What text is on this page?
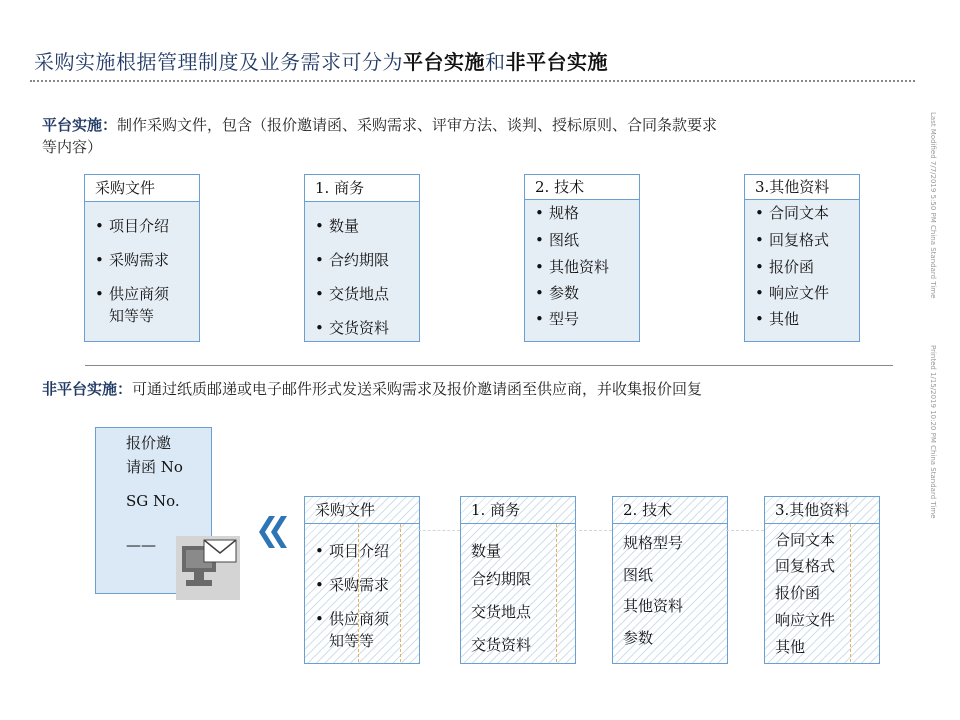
采购实施根据管理制度及业务需求可分为平台实施和非平台实施
Last Modified 7/7/2019 5:50 PM China Standard Time
Printed 1/15/2019 10:20 PM China Standard Time
平台实施：制作采购文件，包含（报价邀请函、采购需求、评审方法、谈判、授标原则、合同条款要求
等内容）
采购文件
• 项目介绍
• 采购需求
• 供应商须
知等等
1. 商务
• 数量
• 合约期限
• 交货地点
• 交货资料
2. 技术
• 规格
• 图纸
• 其他资料
• 参数
• 型号
3.其他资料
• 合同文本
• 回复格式
• 报价函
• 响应文件
• 其他
非平台实施：可通过纸质邮递或电子邮件形式发送采购需求及报价邀请函至供应商，并收集报价回复
报价邀
请函 No
SG No.
——
采购文件
• 项目介绍
• 采购需求
• 供应商须
知等等
1. 商务
数量
合约期限
交货地点
交货资料
2. 技术
规格型号
图纸
其他资料
参数
3.其他资料
合同文本
回复格式
报价函
响应文件
其他
